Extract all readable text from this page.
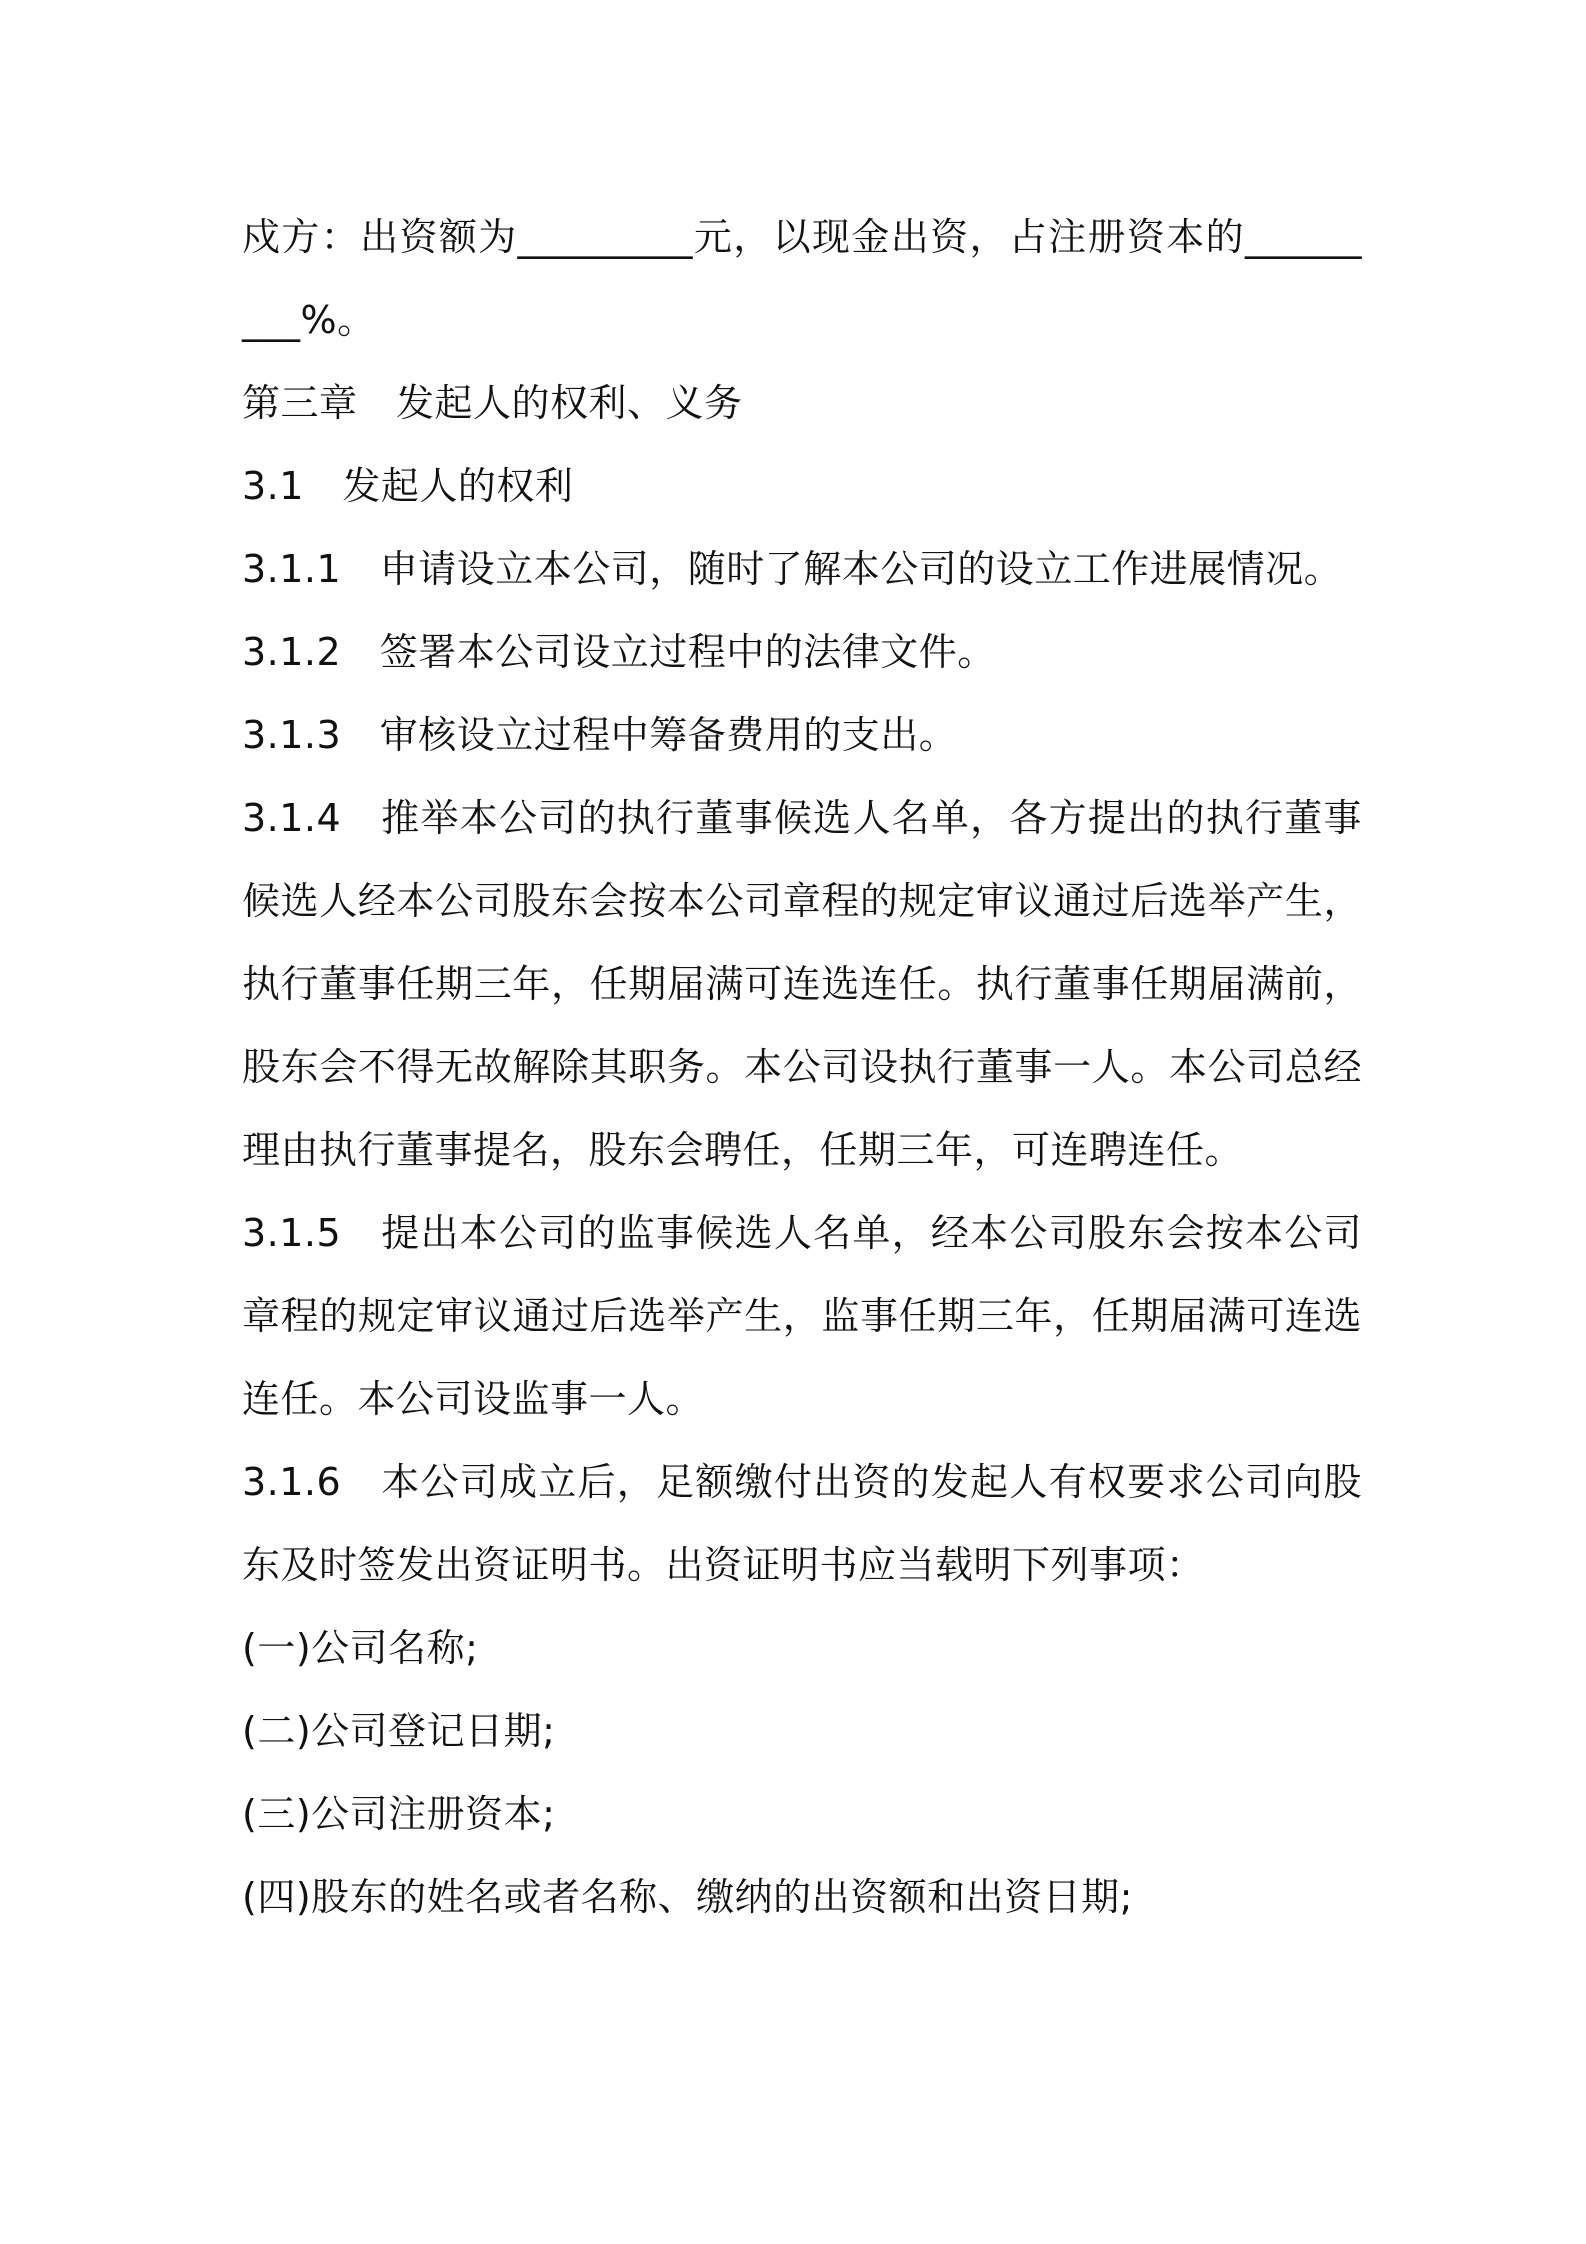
戍方：出资额为_________元，以现金出资，占注册资本的_________%。

第三章　发起人的权利、义务

3.1　发起人的权利

3.1.1　申请设立本公司，随时了解本公司的设立工作进展情况。

3.1.2　签署本公司设立过程中的法律文件。

3.1.3　审核设立过程中筹备费用的支出。

3.1.4　推举本公司的执行董事候选人名单，各方提出的执行董事候选人经本公司股东会按本公司章程的规定审议通过后选举产生，执行董事任期三年，任期届满可连选连任。执行董事任期届满前，股东会不得无故解除其职务。本公司设执行董事一人。本公司总经理由执行董事提名，股东会聘任，任期三年，可连聘连任。

3.1.5　提出本公司的监事候选人名单，经本公司股东会按本公司章程的规定审议通过后选举产生，监事任期三年，任期届满可连选连任。本公司设监事一人。

3.1.6　本公司成立后，足额缴付出资的发起人有权要求公司向股东及时签发出资证明书。出资证明书应当载明下列事项：

(一)公司名称;

(二)公司登记日期;

(三)公司注册资本;

(四)股东的姓名或者名称、缴纳的出资额和出资日期;
